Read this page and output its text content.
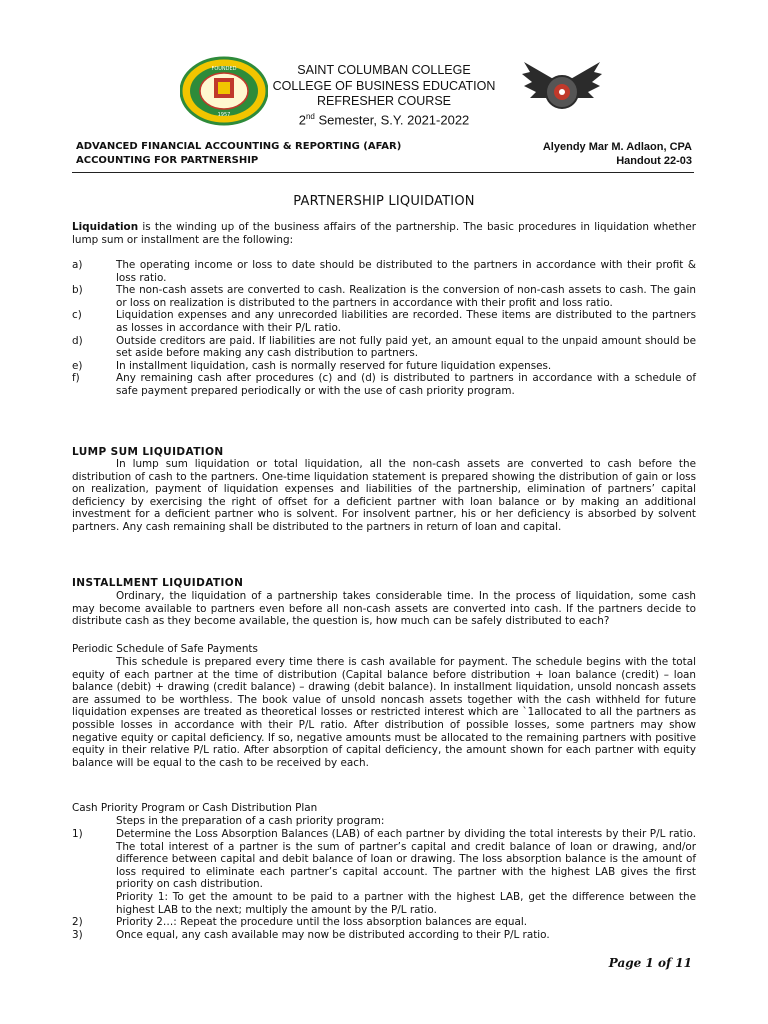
FOUNDED
1957
SAINT COLUMBAN COLLEGE
COLLEGE OF BUSINESS EDUCATION
REFRESHER COURSE
2nd Semester, S.Y. 2021-2022
ADVANCED FINANCIAL ACCOUNTING & REPORTING (AFAR)
ACCOUNTING FOR PARTNERSHIP
Alyendy Mar M. Adlaon, CPA
Handout 22-03
PARTNERSHIP LIQUIDATION
Liquidation is the winding up of the business affairs of the partnership. The basic procedures in liquidation whether lump sum or installment are the following:
a)	The operating income or loss to date should be distributed to the partners in accordance with their profit & loss ratio.
b)	The non-cash assets are converted to cash. Realization is the conversion of non-cash assets to cash. The gain or loss on realization is distributed to the partners in accordance with their profit and loss ratio.
c)	Liquidation expenses and any unrecorded liabilities are recorded. These items are distributed to the partners as losses in accordance with their P/L ratio.
d)	Outside creditors are paid. If liabilities are not fully paid yet, an amount equal to the unpaid amount should be set aside before making any cash distribution to partners.
e)	In installment liquidation, cash is normally reserved for future liquidation expenses.
f)	Any remaining cash after procedures (c) and (d) is distributed to partners in accordance with a schedule of safe payment prepared periodically or with the use of cash priority program.
LUMP SUM LIQUIDATION
In lump sum liquidation or total liquidation, all the non-cash assets are converted to cash before the distribution of cash to the partners. One-time liquidation statement is prepared showing the distribution of gain or loss on realization, payment of liquidation expenses and liabilities of the partnership, elimination of partners’ capital deficiency by exercising the right of offset for a deficient partner with loan balance or by making an additional investment for a deficient partner who is solvent. For insolvent partner, his or her deficiency is absorbed by solvent partners. Any cash remaining shall be distributed to the partners in return of loan and capital.
INSTALLMENT LIQUIDATION
Ordinary, the liquidation of a partnership takes considerable time. In the process of liquidation, some cash may become available to partners even before all non-cash assets are converted into cash. If the partners decide to distribute cash as they become available, the question is, how much can be safely distributed to each?
Periodic Schedule of Safe Payments
This schedule is prepared every time there is cash available for payment. The schedule begins with the total equity of each partner at the time of distribution (Capital balance before distribution + loan balance (credit) – loan balance (debit) + drawing (credit balance) – drawing (debit balance). In installment liquidation, unsold noncash assets are assumed to be worthless. The book value of unsold noncash assets together with the cash withheld for future liquidation expenses are treated as theoretical losses or restricted interest which are `1allocated to all the partners as possible losses in accordance with their P/L ratio. After distribution of possible losses, some partners may show negative equity or capital deficiency. If so, negative amounts must be allocated to the remaining partners with positive equity in their relative P/L ratio. After absorption of capital deficiency, the amount shown for each partner with equity balance will be equal to the cash to be received by each.
Cash Priority Program or Cash Distribution Plan
Steps in the preparation of a cash priority program:
1)	Determine the Loss Absorption Balances (LAB) of each partner by dividing the total interests by their P/L ratio. The total interest of a partner is the sum of partner’s capital and credit balance of loan or drawing, and/or difference between capital and debit balance of loan or drawing. The loss absorption balance is the amount of loss required to eliminate each partner’s capital account. The partner with the highest LAB gives the first priority on cash distribution.
Priority 1: To get the amount to be paid to a partner with the highest LAB, get the difference between the highest LAB to the next; multiply the amount by the P/L ratio.
2)	Priority 2…: Repeat the procedure until the loss absorption balances are equal.
3)	Once equal, any cash available may now be distributed according to their P/L ratio.
Page 1 of 11
